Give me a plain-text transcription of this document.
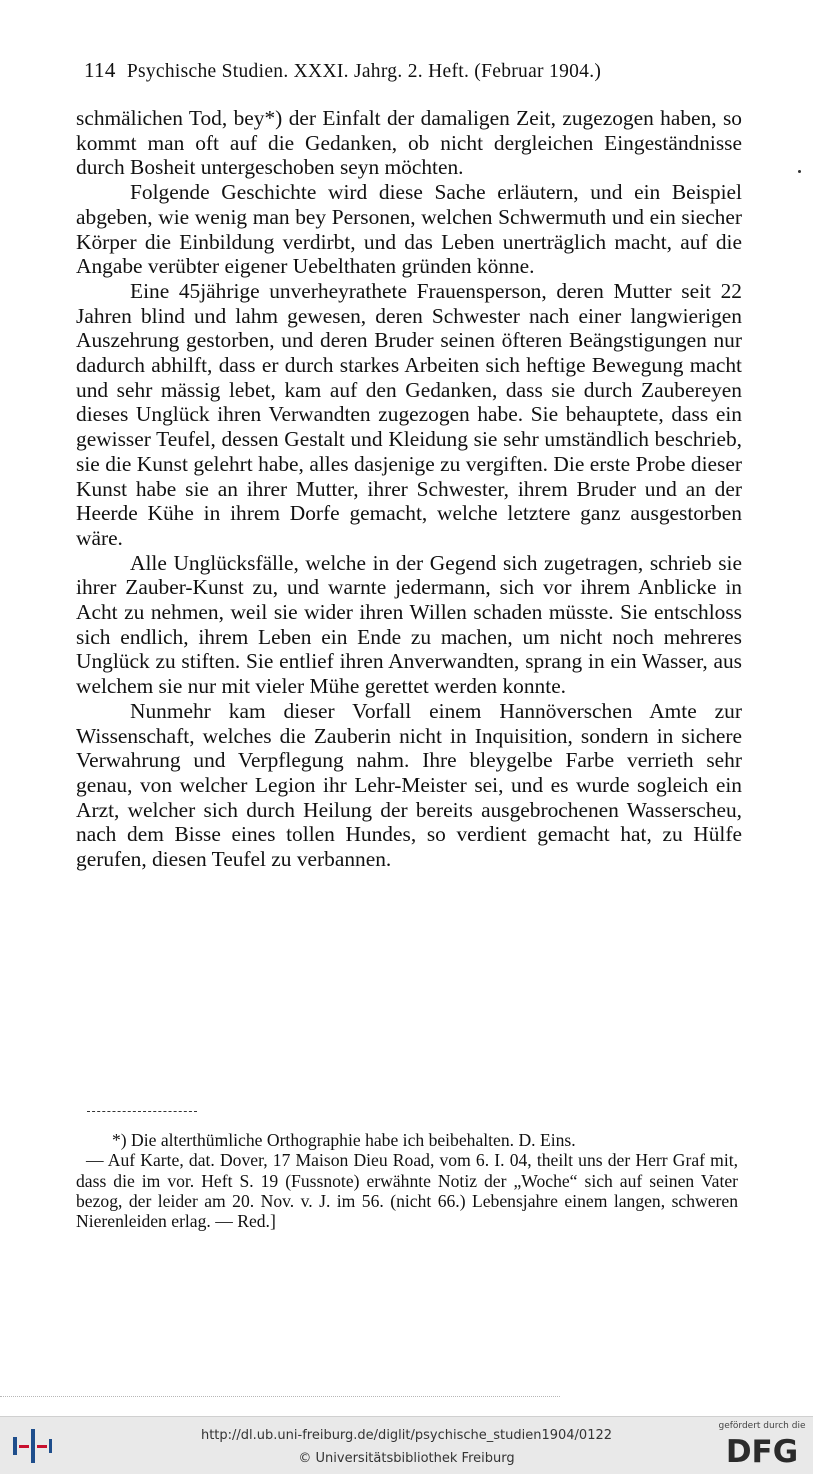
114 Psychische Studien. XXXI. Jahrg. 2. Heft. (Februar 1904.)

schmälichen Tod, bey*) der Einfalt der damaligen Zeit, zugezogen haben, so kommt man oft auf die Gedanken, ob nicht dergleichen Eingeständnisse durch Bosheit untergeschoben seyn möchten.

Folgende Geschichte wird diese Sache erläutern, und ein Beispiel abgeben, wie wenig man bey Personen, welchen Schwermuth und ein siecher Körper die Einbildung verdirbt, und das Leben unerträglich macht, auf die Angabe verübter eigener Uebelthaten gründen könne.

Eine 45jährige unverheyrathete Frauensperson, deren Mutter seit 22 Jahren blind und lahm gewesen, deren Schwester nach einer langwierigen Auszehrung gestorben, und deren Bruder seinen öfteren Beängstigungen nur dadurch abhilft, dass er durch starkes Arbeiten sich heftige Bewegung macht und sehr mässig lebet, kam auf den Gedanken, dass sie durch Zaubereyen dieses Unglück ihren Verwandten zugezogen habe. Sie behauptete, dass ein gewisser Teufel, dessen Gestalt und Kleidung sie sehr umständlich beschrieb, sie die Kunst gelehrt habe, alles dasjenige zu vergiften. Die erste Probe dieser Kunst habe sie an ihrer Mutter, ihrer Schwester, ihrem Bruder und an der Heerde Kühe in ihrem Dorfe gemacht, welche letztere ganz ausgestorben wäre.

Alle Unglücksfälle, welche in der Gegend sich zugetragen, schrieb sie ihrer Zauber-Kunst zu, und warnte jedermann, sich vor ihrem Anblicke in Acht zu nehmen, weil sie wider ihren Willen schaden müsste. Sie entschloss sich endlich, ihrem Leben ein Ende zu machen, um nicht noch mehreres Unglück zu stiften. Sie entlief ihren Anverwandten, sprang in ein Wasser, aus welchem sie nur mit vieler Mühe gerettet werden konnte.

Nunmehr kam dieser Vorfall einem Hannöverschen Amte zur Wissenschaft, welches die Zauberin nicht in Inquisition, sondern in sichere Verwahrung und Verpflegung nahm. Ihre bleygelbe Farbe verrieth sehr genau, von welcher Legion ihr Lehr-Meister sei, und es wurde sogleich ein Arzt, welcher sich durch Heilung der bereits ausgebrochenen Wasserscheu, nach dem Bisse eines tollen Hundes, so verdient gemacht hat, zu Hülfe gerufen, diesen Teufel zu verbannen.

*) Die alterthümliche Orthographie habe ich beibehalten. D. Eins.

— Auf Karte, dat. Dover, 17 Maison Dieu Road, vom 6. I. 04, theilt uns der Herr Graf mit, dass die im vor. Heft S. 19 (Fussnote) erwähnte Notiz der „Woche“ sich auf seinen Vater bezog, der leider am 20. Nov. v. J. im 56. (nicht 66.) Lebensjahre einem langen, schweren Nierenleiden erlag. — Red.]

http://dl.ub.uni-freiburg.de/diglit/psychische_studien1904/0122
© Universitätsbibliothek Freiburg
gefördert durch die
DFG
